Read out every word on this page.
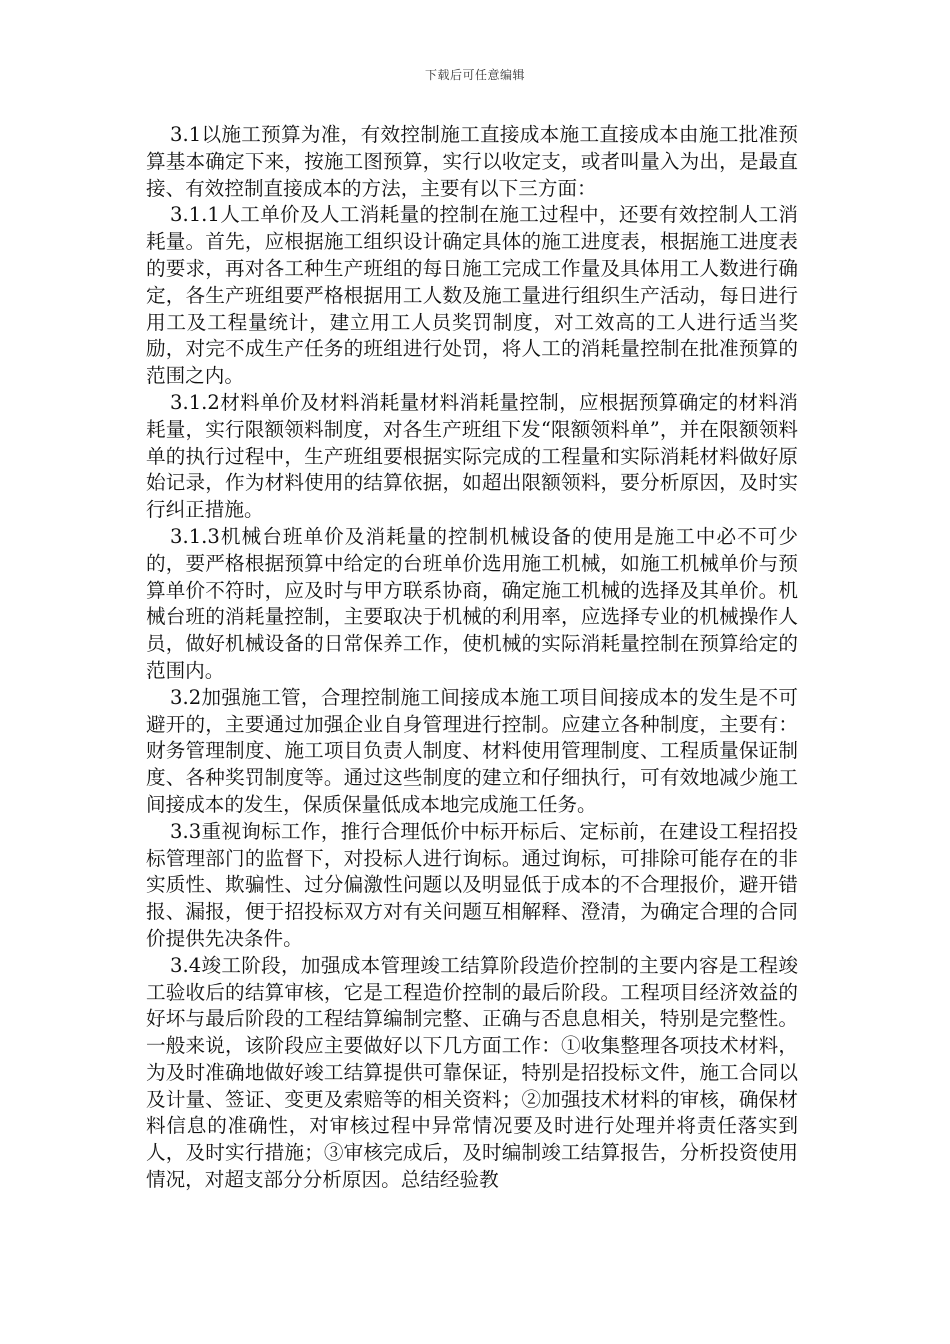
下载后可任意编辑

3.1以施工预算为准，有效控制施工直接成本施工直接成本由施工批准预算基本确定下来，按施工图预算，实行以收定支，或者叫量入为出，是最直接、有效控制直接成本的方法，主要有以下三方面：

3.1.1人工单价及人工消耗量的控制在施工过程中，还要有效控制人工消耗量。首先，应根据施工组织设计确定具体的施工进度表，根据施工进度表的要求，再对各工种生产班组的每日施工完成工作量及具体用工人数进行确定，各生产班组要严格根据用工人数及施工量进行组织生产活动，每日进行用工及工程量统计，建立用工人员奖罚制度，对工效高的工人进行适当奖励，对完不成生产任务的班组进行处罚，将人工的消耗量控制在批准预算的范围之内。

3.1.2材料单价及材料消耗量材料消耗量控制，应根据预算确定的材料消耗量，实行限额领料制度，对各生产班组下发“限额领料单”，并在限额领料单的执行过程中，生产班组要根据实际完成的工程量和实际消耗材料做好原始记录，作为材料使用的结算依据，如超出限额领料，要分析原因，及时实行纠正措施。

3.1.3机械台班单价及消耗量的控制机械设备的使用是施工中必不可少的，要严格根据预算中给定的台班单价选用施工机械，如施工机械单价与预算单价不符时，应及时与甲方联系协商，确定施工机械的选择及其单价。机械台班的消耗量控制，主要取决于机械的利用率，应选择专业的机械操作人员，做好机械设备的日常保养工作，使机械的实际消耗量控制在预算给定的范围内。

3.2加强施工管，合理控制施工间接成本施工项目间接成本的发生是不可避开的，主要通过加强企业自身管理进行控制。应建立各种制度，主要有：财务管理制度、施工项目负责人制度、材料使用管理制度、工程质量保证制度、各种奖罚制度等。通过这些制度的建立和仔细执行，可有效地减少施工间接成本的发生，保质保量低成本地完成施工任务。

3.3重视询标工作，推行合理低价中标开标后、定标前，在建设工程招投标管理部门的监督下，对投标人进行询标。通过询标，可排除可能存在的非实质性、欺骗性、过分偏激性问题以及明显低于成本的不合理报价，避开错报、漏报，便于招投标双方对有关问题互相解释、澄清，为确定合理的合同价提供先决条件。

3.4竣工阶段，加强成本管理竣工结算阶段造价控制的主要内容是工程竣工验收后的结算审核，它是工程造价控制的最后阶段。工程项目经济效益的好坏与最后阶段的工程结算编制完整、正确与否息息相关，特别是完整性。一般来说，该阶段应主要做好以下几方面工作：①收集整理各项技术材料，为及时准确地做好竣工结算提供可靠保证，特别是招投标文件，施工合同以及计量、签证、变更及索赔等的相关资料；②加强技术材料的审核，确保材料信息的准确性，对审核过程中异常情况要及时进行处理并将责任落实到人，及时实行措施；③审核完成后，及时编制竣工结算报告，分析投资使用情况，对超支部分分析原因。总结经验教
